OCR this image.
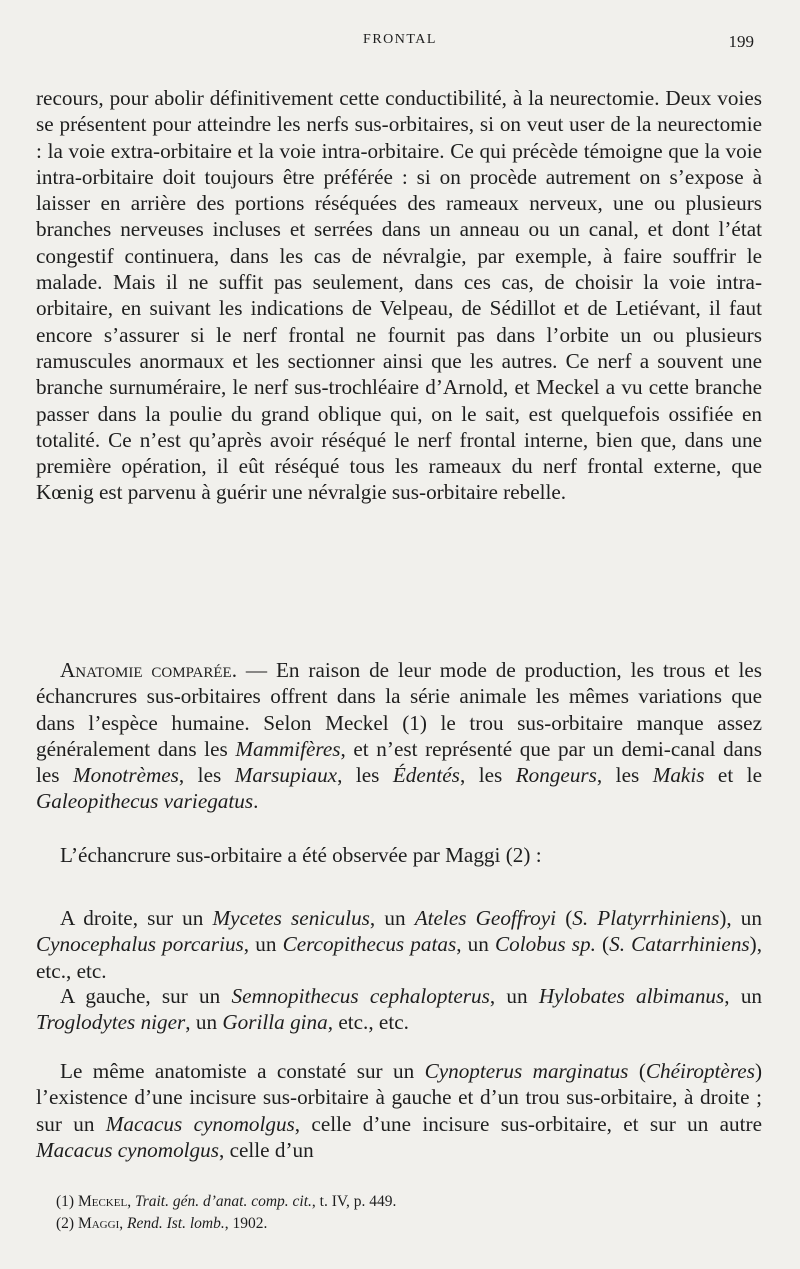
FRONTAL	199

recours, pour abolir définitivement cette conductibilité, à la neurectomie. Deux voies se présentent pour atteindre les nerfs sus-orbitaires, si on veut user de la neurectomie : la voie extra-orbitaire et la voie intra-orbitaire. Ce qui précède témoigne que la voie intra-orbitaire doit toujours être préférée : si on procède autrement on s’expose à laisser en arrière des portions réséquées des rameaux nerveux, une ou plusieurs branches nerveuses incluses et serrées dans un anneau ou un canal, et dont l’état congestif continuera, dans les cas de névralgie, par exemple, à faire souffrir le malade. Mais il ne suffit pas seulement, dans ces cas, de choisir la voie intra-orbitaire, en suivant les indications de Velpeau, de Sédillot et de Letiévant, il faut encore s’assurer si le nerf frontal ne fournit pas dans l’orbite un ou plusieurs ramuscules anormaux et les sectionner ainsi que les autres. Ce nerf a souvent une branche surnuméraire, le nerf sus-trochléaire d’Arnold, et Meckel a vu cette branche passer dans la poulie du grand oblique qui, on le sait, est quelquefois ossifiée en totalité. Ce n’est qu’après avoir réséqué le nerf frontal interne, bien que, dans une première opération, il eût réséqué tous les rameaux du nerf frontal externe, que Kœnig est parvenu à guérir une névralgie sus-orbitaire rebelle.

Anatomie comparée. — En raison de leur mode de production, les trous et les échancrures sus-orbitaires offrent dans la série animale les mêmes variations que dans l’espèce humaine. Selon Meckel (1) le trou sus-orbitaire manque assez généralement dans les Mammifères, et n’est représenté que par un demi-canal dans les Monotrèmes, les Marsupiaux, les Édentés, les Rongeurs, les Makis et le Galeopithecus variegatus.

L’échancrure sus-orbitaire a été observée par Maggi (2) :

A droite, sur un Mycetes seniculus, un Ateles Geoffroyi (S. Platyrrhiniens), un Cynocephalus porcarius, un Cercopithecus patas, un Colobus sp. (S. Catarrhiniens), etc., etc.

A gauche, sur un Semnopithecus cephalopterus, un Hylobates albimanus, un Troglodytes niger, un Gorilla gina, etc., etc.

Le même anatomiste a constaté sur un Cynopterus marginatus (Chéiroptères) l’existence d’une incisure sus-orbitaire à gauche et d’un trou sus-orbitaire, à droite ; sur un Macacus cynomolgus, celle d’une incisure sus-orbitaire, et sur un autre Macacus cynomolgus, celle d’un

(1) Meckel, Trait. gén. d’anat. comp. cit., t. IV, p. 449.

(2) Maggi, Rend. Ist. lomb., 1902.
